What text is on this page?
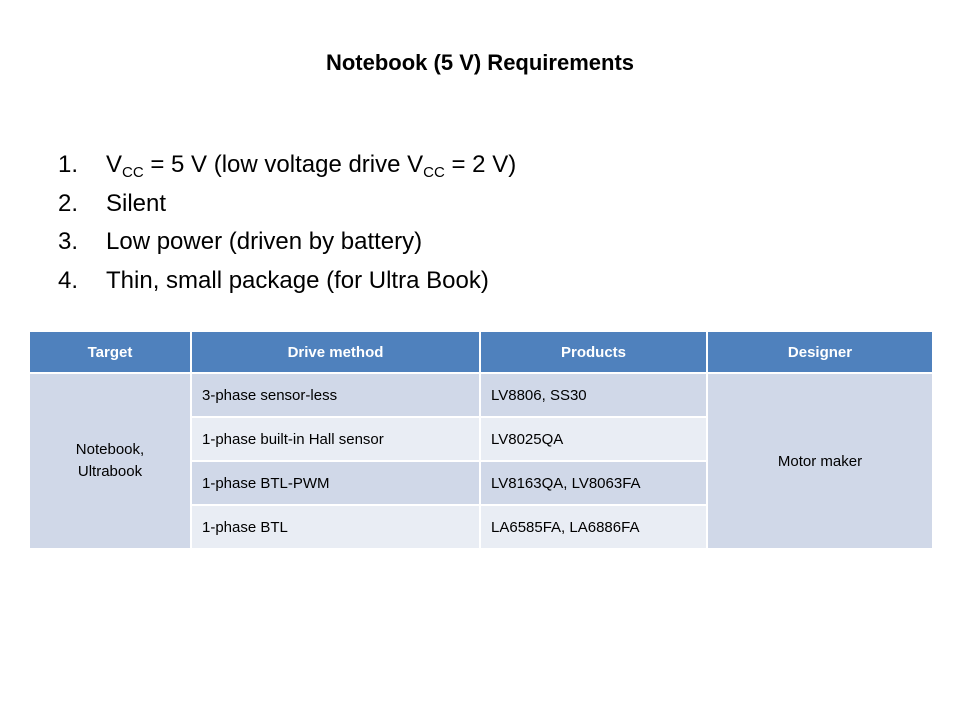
Notebook (5 V) Requirements
1.	$V_{CC} = 5$ V (low voltage drive $V_{CC} = 2$ V)
2.	Silent
3.	Low power (driven by battery)
4.	Thin, small package (for Ultra Book)
Target	Drive method	Products	Designer
Notebook,
Ultrabook	3-phase sensor-less	LV8806, SS30	Motor maker
	1-phase built-in Hall sensor	LV8025QA	
	1-phase BTL-PWM	LV8163QA, LV8063FA	
	1-phase BTL	LA6585FA, LA6886FA	
